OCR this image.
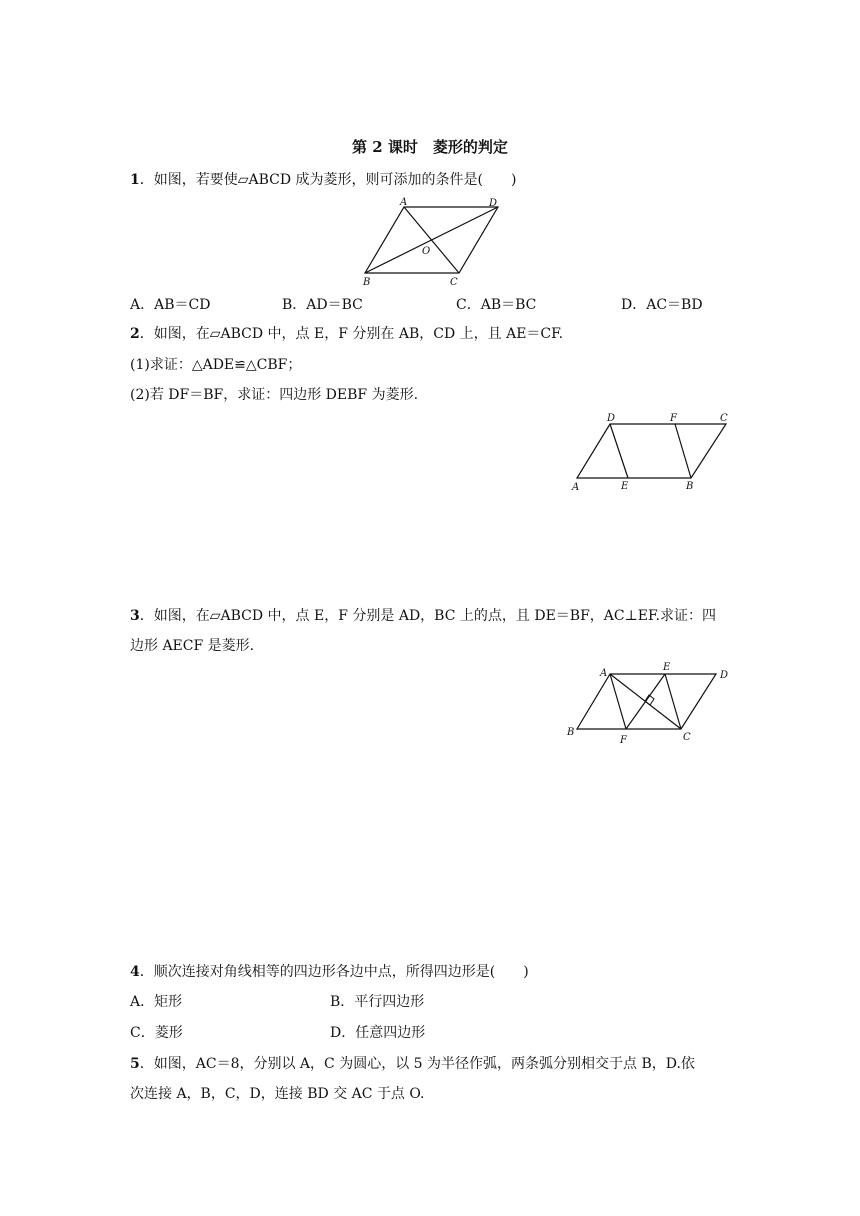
第 2 课时　菱形的判定
1．如图，若要使▱ABCD 成为菱形，则可添加的条件是(　　)
A	D
O
B	C
A．AB＝CD	B．AD＝BC	C．AB＝BC	D．AC＝BD
2．如图，在▱ABCD 中，点 E，F 分别在 AB，CD 上，且 AE＝CF.
(1)求证：△ADE≌△CBF；
(2)若 DF＝BF，求证：四边形 DEBF 为菱形.
D	F	C
A	E	B
3．如图，在▱ABCD 中，点 E，F 分别是 AD，BC 上的点，且 DE＝BF，AC⊥EF.求证：四
边形 AECF 是菱形.
A
E
D
B
F	C
4．顺次连接对角线相等的四边形各边中点，所得四边形是(　　)
A．矩形	B．平行四边形
C．菱形	D．任意四边形
5．如图，AC＝8，分别以 A，C 为圆心，以 5 为半径作弧，两条弧分别相交于点 B，D.依
次连接 A，B，C，D，连接 BD 交 AC 于点 O.
